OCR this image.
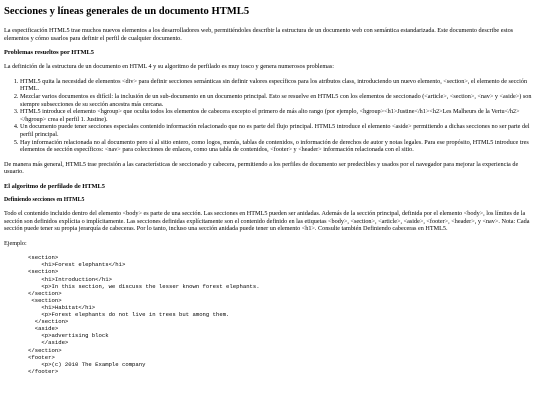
Secciones y líneas generales de un documento HTML5

La especificación HTML5 trae muchos nuevos elementos a los desarrolladores web, permitiéndoles describir la estructura de un documento web con semántica estandarizada. Este documento describe estos elementos y cómo usarlos para definir el perfil de cualquier documento.

Problemas resueltos por HTML5

La definición de la estructura de un documento en HTML 4 y su algoritmo de perfilado es muy tosco y genera numerosos problemas:

1. HTML5 quita la necesidad de elementos <div> para definir secciones semánticas sin definir valores específicos para los atributos class, introduciendo un nuevo elemento, <section>, el elemento de sección HTML.
2. Mezclar varios documentos es difícil: la inclusión de un sub-documento en un documento principal. Esto se resuelve en HTML5 con los elementos de seccionado (<article>, <section>, <nav> y <aside>) son siempre subsecciones de su sección ancestra más cercana.
3. HTML5 introduce el elemento <hgroup> que oculta todos los elementos de cabecera excepto el primero de más alto rango (por ejemplo, <hgroup><h1>Justine</h1><h2>Les Malheurs de la Vertu</h2></hgroup> crea el perfil 1. Justine).
4. Un documento puede tener secciones especiales contenido información relacionado que no es parte del flujo principal. HTML5 introduce el elemento <aside> permitiendo a dichas secciones no ser parte del perfil principal.
5. Hay información relacionada no al documento pero sí al sitio entero, como logos, menús, tablas de contenidos, o información de derechos de autor y notas legales. Para ese propósito, HTML5 introduce tres elementos de sección específicos: <nav> para colecciones de enlaces, como una tabla de contenidos, <footer> y <header> información relacionada con el sitio.

De manera más general, HTML5 trae precisión a las características de seccionado y cabecera, permitiendo a los perfiles de documento ser predecibles y usados por el navegador para mejorar la experiencia de usuario.

El algoritmo de perfilado de HTML5
Definiendo secciones en HTML5

Todo el contenido incluido dentro del elemento <body> es parte de una sección. Las secciones en HTML5 pueden ser anidadas. Además de la sección principal, definida por el elemento <body>, los límites de la sección son definidos explícita o implícitamente. Las secciones definidas explícitamente son el contenido definido en las etiquetas <body>, <section>, <article>, <aside>, <footer>, <header>, y <nav>. Nota: Cada sección puede tener su propia jerarquía de cabeceras. Por lo tanto, incluso una sección anidada puede tener un elemento <h1>. Consulte también Definiendo cabeceras en HTML5.

Ejemplo:

<section>
<h1>Forest elephants</h1>
<section>
<h1>Introduction</h1>
<p>In this section, we discuss the lesser known forest elephants.
</section>
<section>
<h1>Habitat</h1>
<p>Forest elephants do not live in trees but among them.
</section>
<aside>
<p>advertising block
</aside>
</section>
<footer>
<p>(c) 2010 The Example company
</footer>
